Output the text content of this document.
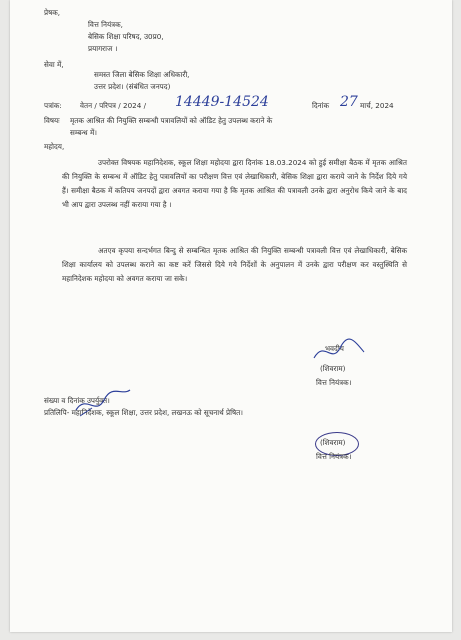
प्रेषक,
वित्त नियंत्रक,
बेसिक शिक्षा परिषद, उ0प्र0,
प्रयागराज ।
सेवा में,
समस्त जिला बेसिक शिक्षा अधिकारी,
उत्तर प्रदेश। (संबंधित जनपद)
पत्रांक:	वेतन / परिपत्र / 2024 / 14449-14524	दिनांक 27 मार्च, 2024
विषयः मृतक आश्रित की नियुक्ति सम्बन्धी पत्रावलियों को ऑडिट हेतु उपलब्ध कराने के
सम्बन्ध में।
महोदय,
उपरोक्त विषयक महानिदेशक, स्कूल शिक्षा महोदया द्वारा दिनांक 18.03.2024 को हुई समीक्षा बैठक में मृतक आश्रित की नियुक्ति के सम्बन्ध में ऑडिट हेतु पत्रावलियों का परीक्षण वित्त एवं लेखाधिकारी, बेसिक शिक्षा द्वारा कराये जाने के निर्देश दिये गये हैं। समीक्षा बैठक में कतिपय जनपदों द्वारा अवगत कराया गया है कि मृतक आश्रित की पत्रावली उनके द्वारा अनुरोध किये जाने के बाद भी आप द्वारा उपलब्ध नहीं कराया गया है ।
अतएव कृपया सन्दर्भगत बिन्दु से सम्बन्धित मृतक आश्रित की नियुक्ति सम्बन्धी पत्रावली वित्त एवं लेखाधिकारी, बेसिक शिक्षा कार्यालय को उपलब्ध कराने का कष्ट करें जिससे दिये गये निर्देशों के अनुपालन में उनके द्वारा परीक्षण कर वस्तुस्थिति से महानिदेशक महोदया को अवगत कराया जा सके।
भवदीय
(शिवराम)
वित्त नियंत्रक।
संख्या व दिनांक उपर्युक्त।
प्रतिलिपि- महानिदेशक, स्कूल शिक्षा, उत्तर प्रदेश, लखनऊ को सूचनार्थ प्रेषित।
(शिवराम)
वित्त नियंत्रक।
